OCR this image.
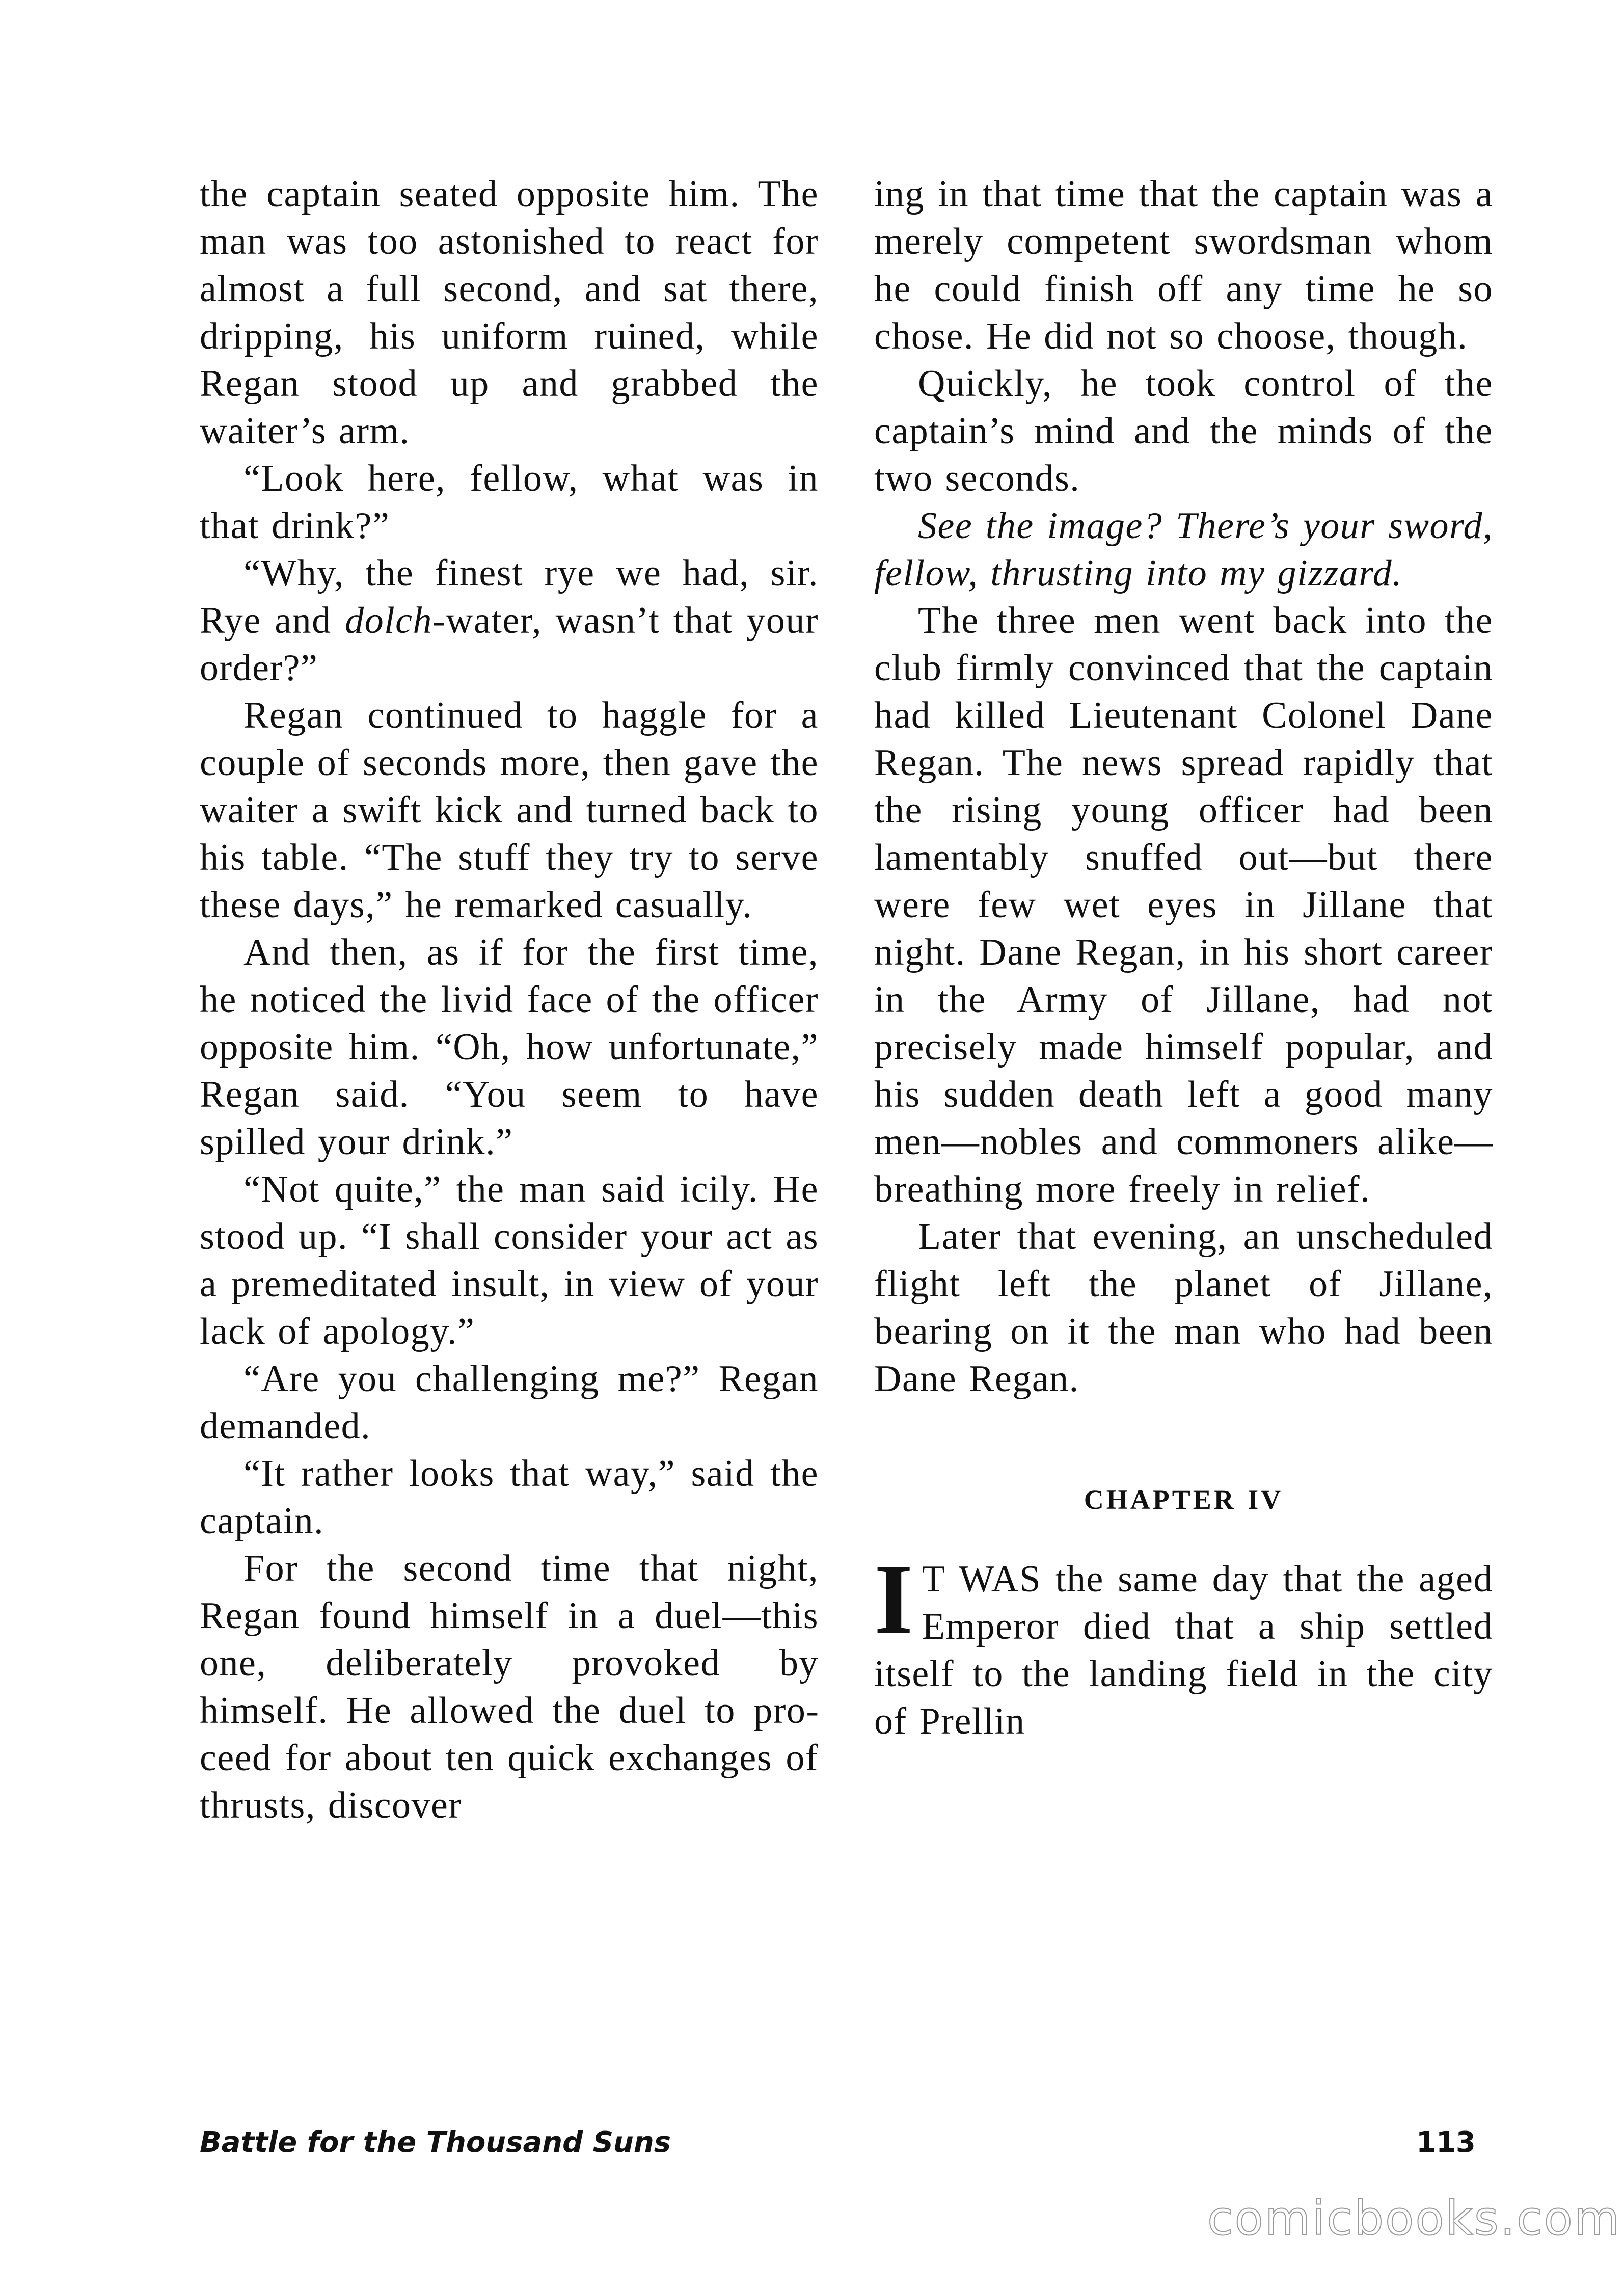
the captain seated opposite him. The man was too astonished to react for almost a full second, and sat there, dripping, his uniform ruined, while Regan stood up and grabbed the waiter’s arm.

“Look here, fellow, what was in that drink?”

“Why, the finest rye we had, sir. Rye and dolch-water, wasn’t that your order?”

Regan continued to haggle for a couple of seconds more, then gave the waiter a swift kick and turned back to his table. “The stuff they try to serve these days,” he remarked casually.

And then, as if for the first time, he noticed the livid face of the officer opposite him. “Oh, how unfortunate,” Regan said. “You seem to have spilled your drink.”

“Not quite,” the man said icily. He stood up. “I shall consider your act as a premeditated insult, in view of your lack of apology.”

“Are you challenging me?” Regan demanded.

“It rather looks that way,” said the captain.

For the second time that night, Regan found himself in a duel—this one, deliberately provoked by himself. He allowed the duel to proceed for about ten quick exchanges of thrusts, discover

ing in that time that the captain was a merely competent swordsman whom he could finish off any time he so chose. He did not so choose, though.

Quickly, he took control of the captain’s mind and the minds of the two seconds.

See the image? There’s your sword, fellow, thrusting into my gizzard.

The three men went back into the club firmly convinced that the captain had killed Lieutenant Colonel Dane Regan. The news spread rapidly that the rising young officer had been lamentably snuffed out—but there were few wet eyes in Jillane that night. Dane Regan, in his short career in the Army of Jillane, had not precisely made himself popular, and his sudden death left a good many men—nobles and commoners alike—breathing more freely in relief.

Later that evening, an unscheduled flight left the planet of Jillane, bearing on it the man who had been Dane Regan.

CHAPTER IV

I T WAS the same day that the aged Emperor died that a ship settled itself to the landing field in the city of Prellin

Battle for the Thousand Suns	113
comicbooks.com
